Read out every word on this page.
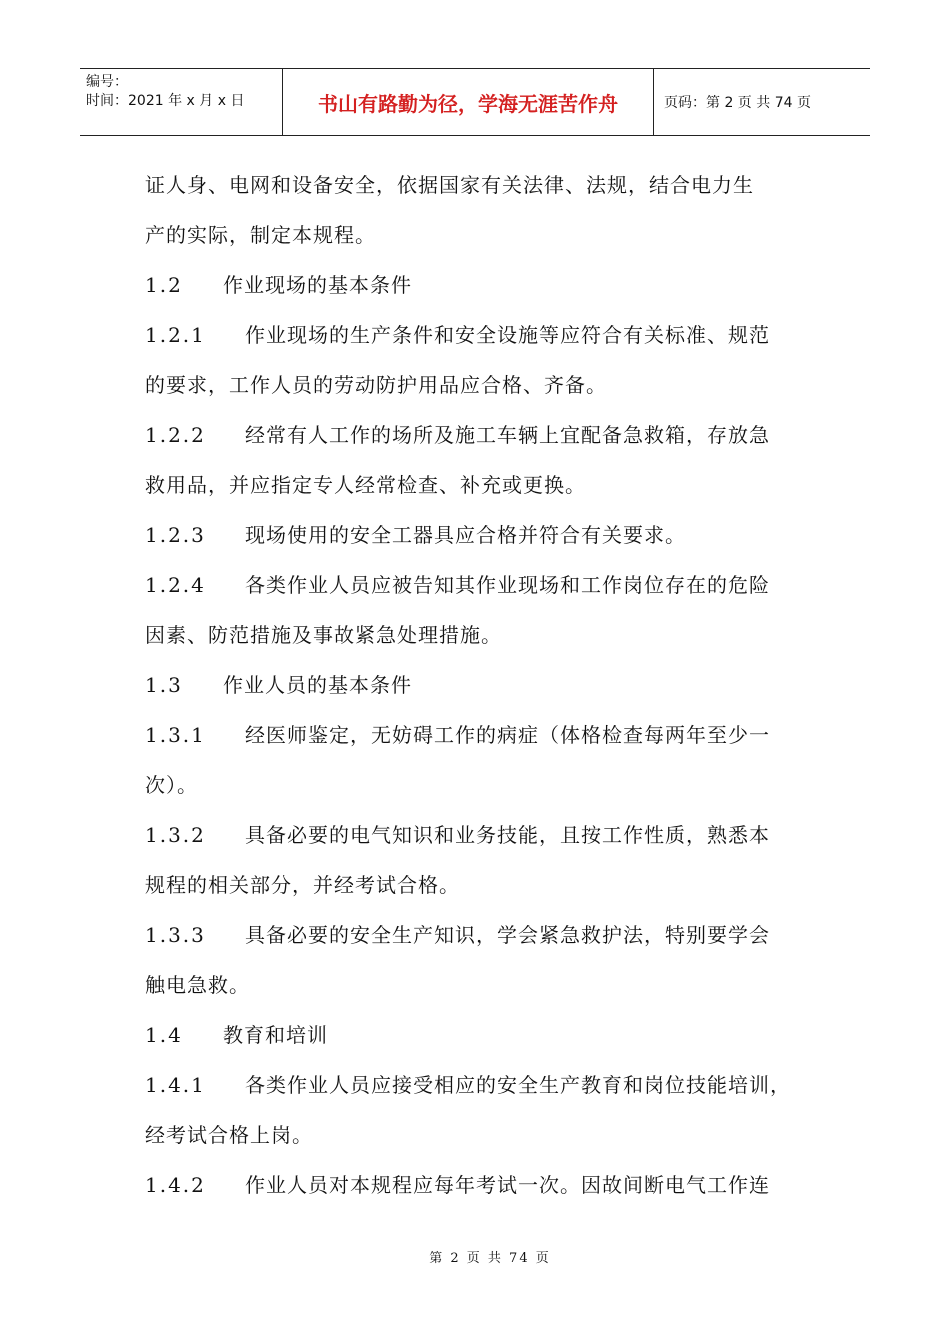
编号：
时间：2021 年 x 月 x 日	书山有路勤为径，学海无涯苦作舟	页码：第 2 页 共 74 页
证人身、电网和设备安全，依据国家有关法律、法规，结合电力生
产的实际，制定本规程。
1.2	作业现场的基本条件
1.2.1	作业现场的生产条件和安全设施等应符合有关标准、规范
的要求，工作人员的劳动防护用品应合格、齐备。
1.2.2	经常有人工作的场所及施工车辆上宜配备急救箱，存放急
救用品，并应指定专人经常检查、补充或更换。
1.2.3	现场使用的安全工器具应合格并符合有关要求。
1.2.4	各类作业人员应被告知其作业现场和工作岗位存在的危险
因素、防范措施及事故紧急处理措施。
1.3	作业人员的基本条件
1.3.1	经医师鉴定，无妨碍工作的病症（体格检查每两年至少一
次）。
1.3.2	具备必要的电气知识和业务技能，且按工作性质，熟悉本
规程的相关部分，并经考试合格。
1.3.3	具备必要的安全生产知识，学会紧急救护法，特别要学会
触电急救。
1.4	教育和培训
1.4.1	各类作业人员应接受相应的安全生产教育和岗位技能培训，
经考试合格上岗。
1.4.2	作业人员对本规程应每年考试一次。因故间断电气工作连
第 2 页 共 74 页
